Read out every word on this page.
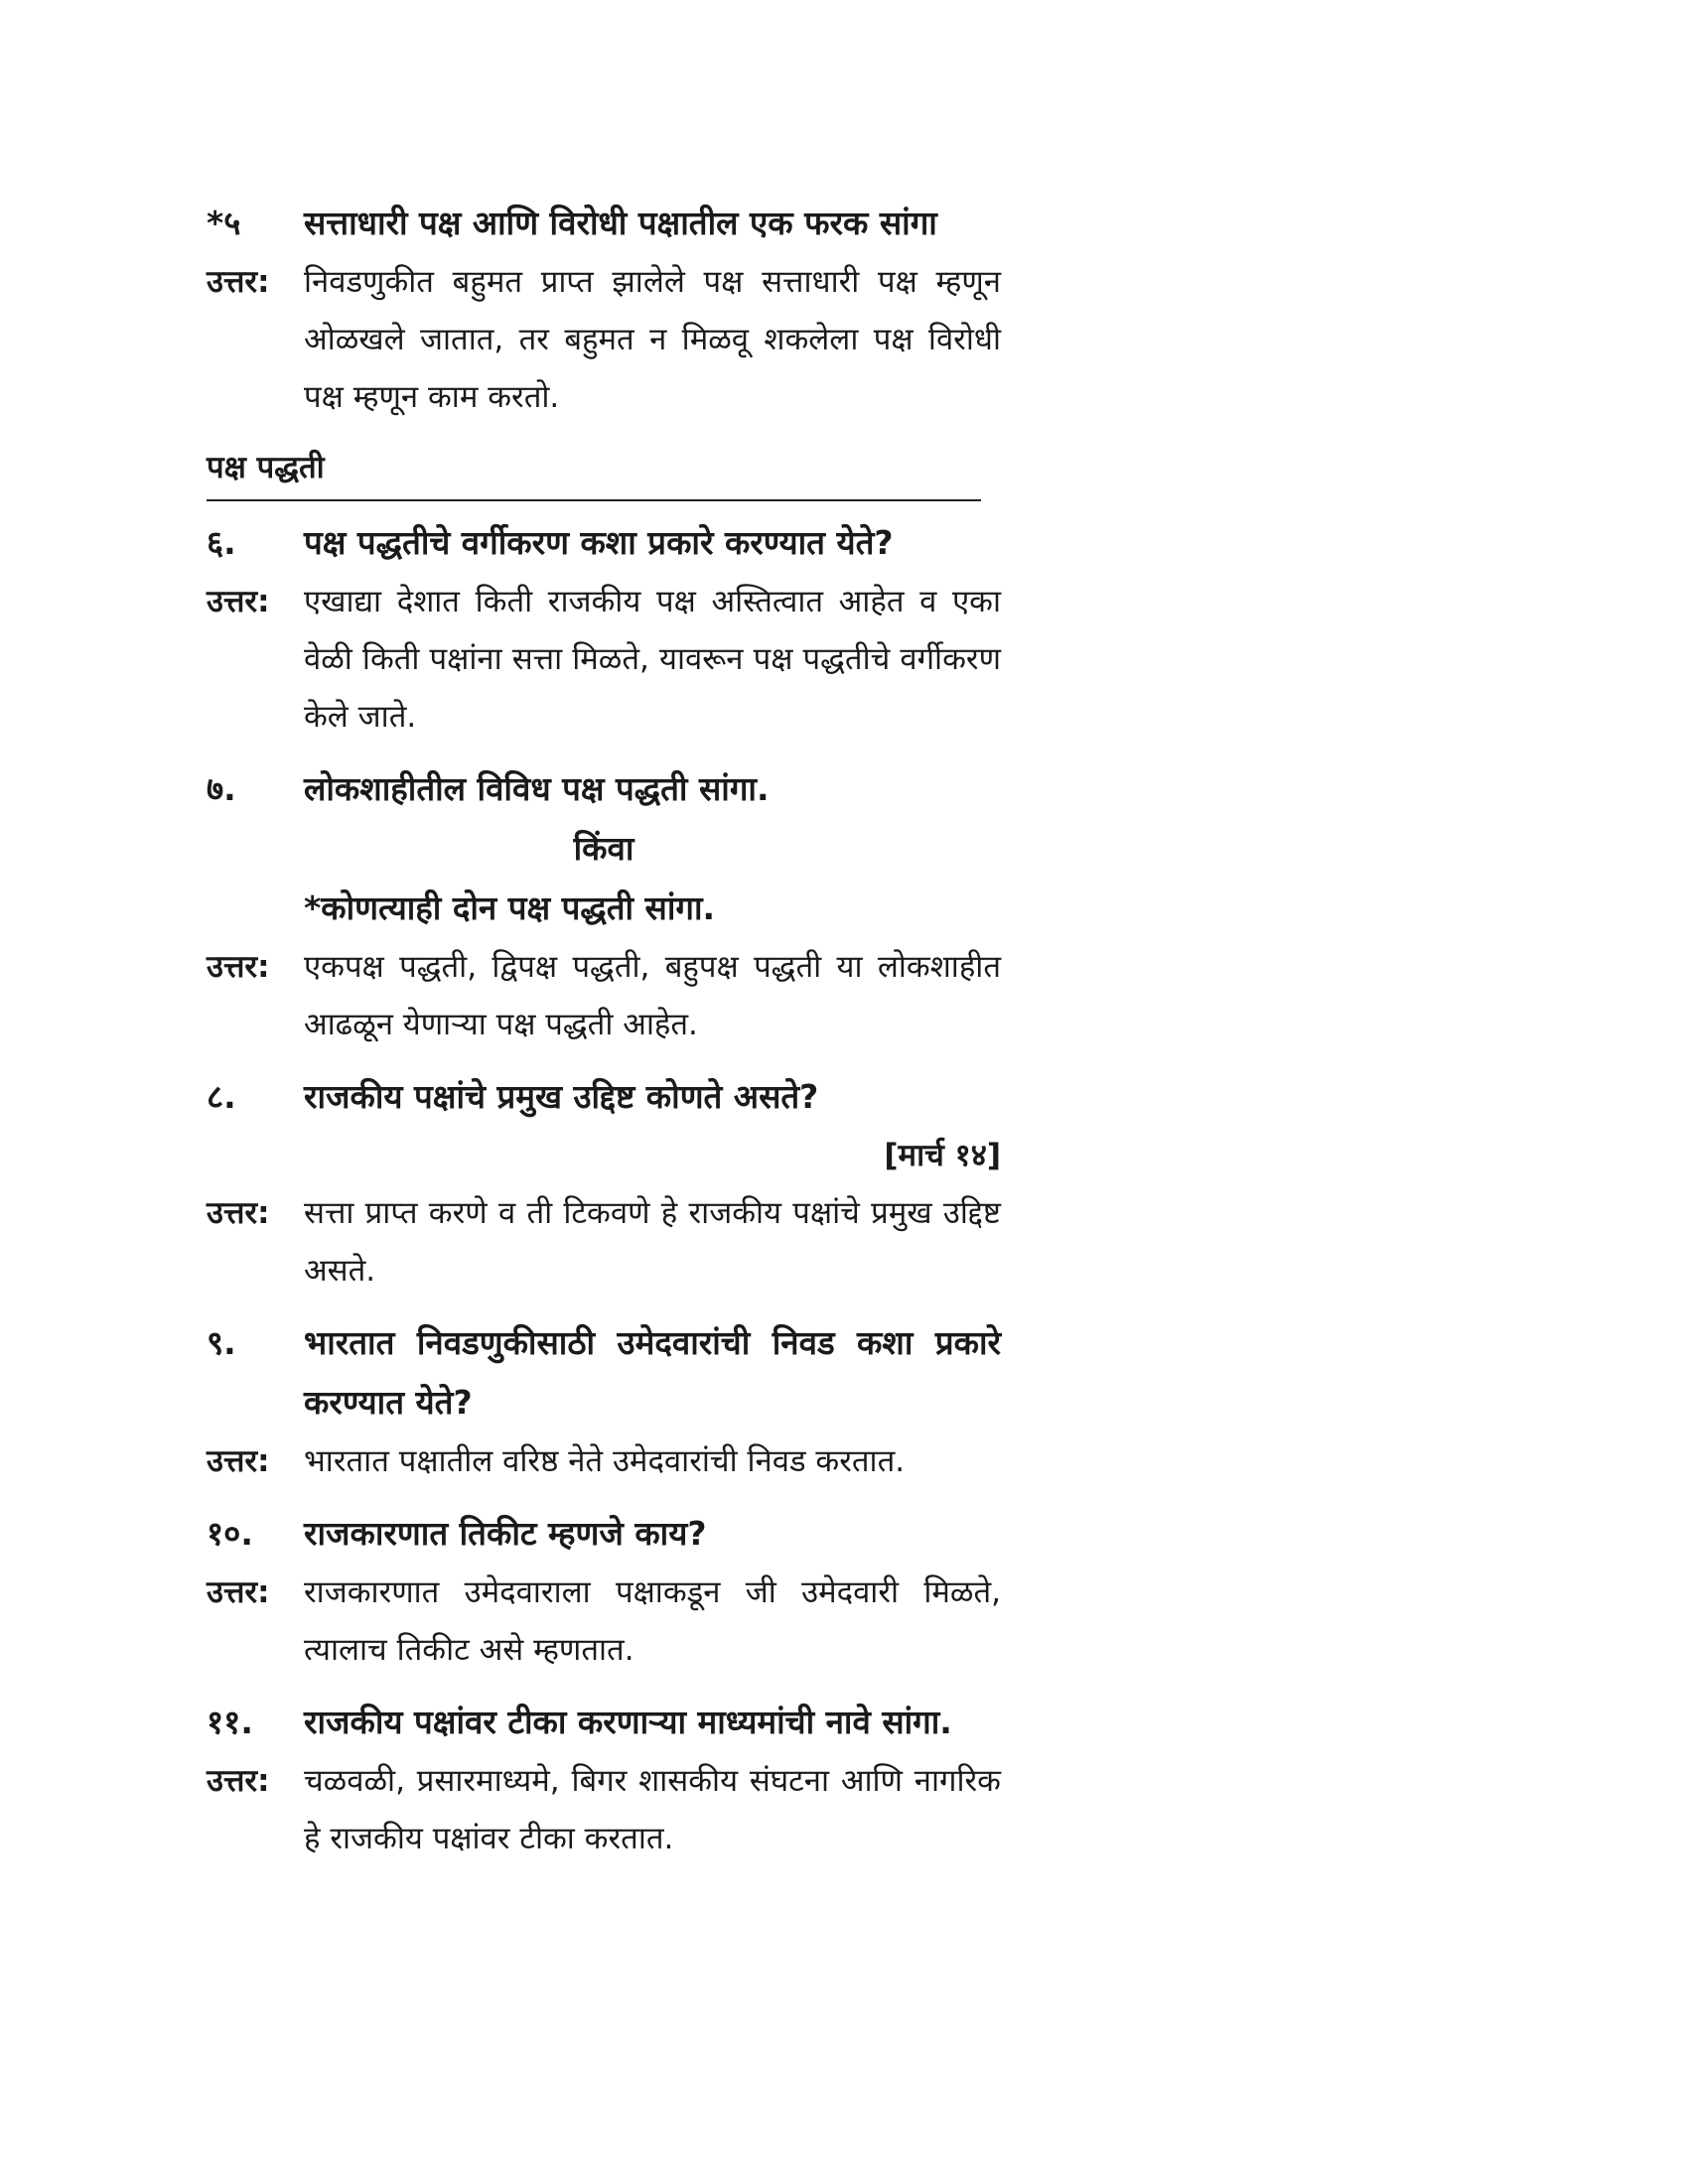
*५	सत्ताधारी पक्ष आणि विरोधी पक्षातील एक फरक सांगा
उत्तर:	निवडणुकीत बहुमत प्राप्त झालेले पक्ष सत्ताधारी पक्ष म्हणून ओळखले जातात, तर बहुमत न मिळवू शकलेला पक्ष विरोधी पक्ष म्हणून काम करतो.
पक्ष पद्धती
६.	पक्ष पद्धतीचे वर्गीकरण कशा प्रकारे करण्यात येते?
उत्तर:	एखाद्या देशात किती राजकीय पक्ष अस्तित्वात आहेत व एका वेळी किती पक्षांना सत्ता मिळते, यावरून पक्ष पद्धतीचे वर्गीकरण केले जाते.
७.	लोकशाहीतील विविध पक्ष पद्धती सांगा.
किंवा
*कोणत्याही दोन पक्ष पद्धती सांगा.
उत्तर:	एकपक्ष पद्धती, द्विपक्ष पद्धती, बहुपक्ष पद्धती या लोकशाहीत आढळून येणाऱ्या पक्ष पद्धती आहेत.
८.	राजकीय पक्षांचे प्रमुख उद्दिष्ट कोणते असते?
[मार्च १४]
उत्तर:	सत्ता प्राप्त करणे व ती टिकवणे हे राजकीय पक्षांचे प्रमुख उद्दिष्ट असते.
९.	भारतात निवडणुकीसाठी उमेदवारांची निवड कशा प्रकारे करण्यात येते?
उत्तर:	भारतात पक्षातील वरिष्ठ नेते उमेदवारांची निवड करतात.
१०.	राजकारणात तिकीट म्हणजे काय?
उत्तर:	राजकारणात उमेदवाराला पक्षाकडून जी उमेदवारी मिळते, त्यालाच तिकीट असे म्हणतात.
११.	राजकीय पक्षांवर टीका करणाऱ्या माध्यमांची नावे सांगा.
उत्तर:	चळवळी, प्रसारमाध्यमे, बिगर शासकीय संघटना आणि नागरिक हे राजकीय पक्षांवर टीका करतात.
